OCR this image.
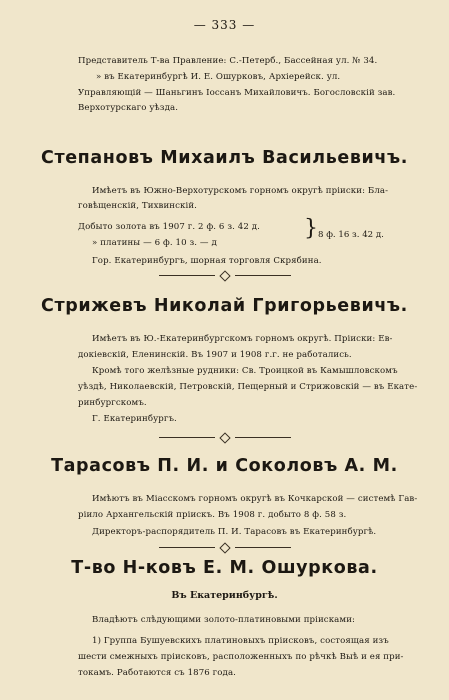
— 333 —
Представитель Т-ва Правление: С.-Петерб., Бассейная ул. № 34.
» въ Екатеринбургѣ И. Е. Ошурковъ, Архіерейск. ул.
Управляющій — Шаньгинъ Іоссанъ Михайловичъ. Богословскій зав.
Верхотурскаго уѣзда.
Степановъ Михаилъ Васильевичъ.
Имѣетъ въ Южно-Верхотурскомъ горномъ округѣ пріиски: Бла-
говѣщенскій, Тихвинскій.
Добыто золота въ 1907 г. 2 ф. 6 з. 42 д.
» платины — 6 ф. 10 з. — д
} 8 ф. 16 з. 42 д.
Гор. Екатеринбургъ, шорная торговля Скрябина.
Стрижевъ Николай Григорьевичъ.
Имѣетъ въ Ю.-Екатеринбургскомъ горномъ округѣ. Пріиски: Ев-
докіевскій, Еленинскій. Въ 1907 и 1908 г.г. не работались.
Кромѣ того желѣзные рудники: Св. Троицкой въ Камышловскомъ
уѣздѣ, Николаевскій, Петровскій, Пещерный и Стрижовскій — въ Екате-
ринбургскомъ.
Г. Екатеринбургъ.
Тарасовъ П. И. и Соколовъ А. М.
Имѣютъ въ Міасскомъ горномъ округѣ въ Кочкарской — системѣ Гав-
ріило Архангельскій пріискъ. Въ 1908 г. добыто 8 ф. 58 з.
Директоръ-распорядитель П. И. Тарасовъ въ Екатеринбургѣ.
Т-во Н-ковъ Е. М. Ошуркова.
Въ Екатеринбургѣ.
Владѣютъ слѣдующими золото-платиновыми пріисками:
1) Группа Бушуевскихъ платиновыхъ пріисковъ, состоящая изъ
шести смежныхъ пріисковъ, расположенныхъ по рѣчкѣ Выѣ и ея при-
токамъ. Работаются съ 1876 года.
